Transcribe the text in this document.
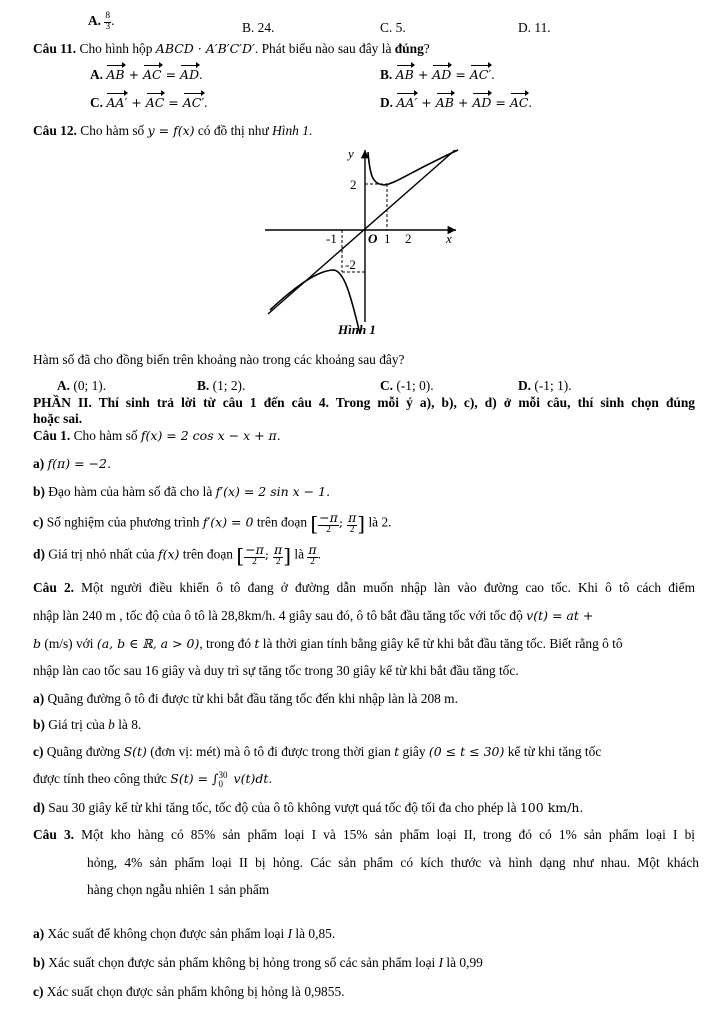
A. $\frac{8}{3}$ .	B. 24.	C. 5.	D. 11.
Câu 11. Cho hình hộp ABCD · A′B′C′D′. Phát biểu nào sau đây là đúng?
A. AB + AC = AD.	B. AB + AD = AC′.
C. AA′ + AC = AC′.	D. AA′ + AB + AD = AC.
Câu 12. Cho hàm số y = f(x) có đồ thị như Hình 1.
y
x
O
2
-2
-1	1 2
Hình 1
Hàm số đã cho đồng biến trên khoảng nào trong các khoảng sau đây?
A. (0; 1).	B. (1; 2).	C. (-1; 0).	D. (-1; 1).
PHẦN II. Thí sinh trả lời từ câu 1 đến câu 4. Trong mỗi ý a), b), c), d) ở mỗi câu, thí sinh chọn đúng
hoặc sai.
Câu 1. Cho hàm số f(x) = 2 cos x − x + π.
a) f(π) = −2.
b) Đạo hàm của hàm số đã cho là f′(x) = 2 sin x − 1.
c) Số nghiệm của phương trình f′(x) = 0 trên đoạn [ $\frac{-\pi}{2}$ ; $\frac{\pi}{2}$ ] là 2.
d) Giá trị nhỏ nhất của f(x) trên đoạn [ $\frac{-\pi}{2}$ ; $\frac{\pi}{2}$ ] là $\frac{\pi}{2}$ .
Câu 2. Một người điều khiển ô tô đang ở đường dẫn muốn nhập làn vào đường cao tốc. Khi ô tô cách điểm
nhập làn 240 m , tốc độ của ô tô là 28,8km/h. 4 giây sau đó, ô tô bắt đầu tăng tốc với tốc độ v(t) = at +
b (m/s) với (a, b ∈ ℝ, a > 0), trong đó t là thời gian tính bằng giây kể từ khi bắt đầu tăng tốc. Biết rằng ô tô
nhập làn cao tốc sau 16 giây và duy trì sự tăng tốc trong 30 giây kể từ khi bắt đầu tăng tốc.
a) Quãng đường ô tô đi được từ khi bắt đầu tăng tốc đến khi nhập làn là 208 m.
b) Giá trị của b là 8.
c) Quãng đường S(t) (đơn vị: mét) mà ô tô đi được trong thời gian t giây (0 ≤ t ≤ 30) kể từ khi tăng tốc
được tính theo công thức S(t) = ∫ 30
0 v(t)dt.
d) Sau 30 giây kể từ khi tăng tốc, tốc độ của ô tô không vượt quá tốc độ tối đa cho phép là 100 km/h.
Câu 3. Một kho hàng có 85% sản phẩm loại I và 15% sản phẩm loại II, trong đó có 1% sản phẩm loại I bị
hỏng, 4% sản phẩm loại II bị hỏng. Các sản phẩm có kích thước và hình dạng như nhau. Một khách
hàng chọn ngẫu nhiên 1 sản phẩm
a) Xác suất để không chọn được sản phẩm loại I là 0,85.
b) Xác suất chọn được sản phẩm không bị hỏng trong số các sản phẩm loại I là 0,99
c) Xác suất chọn được sản phẩm không bị hỏng là 0,9855.
